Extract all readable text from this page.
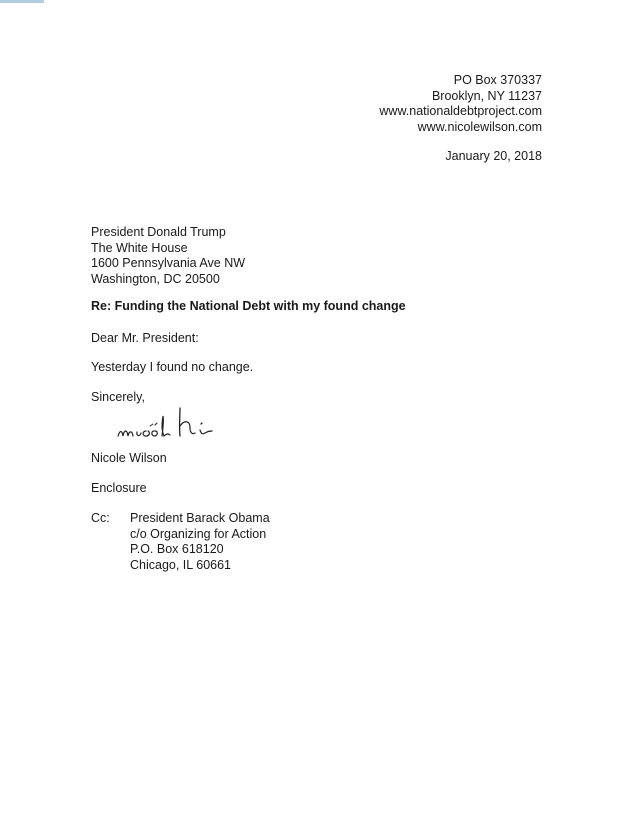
PO Box 370337
Brooklyn, NY 11237
www.nationaldebtproject.com
www.nicolewilson.com
January 20, 2018
President Donald Trump
The White House
1600 Pennsylvania Ave NW
Washington, DC 20500
Re: Funding the National Debt with my found change
Dear Mr. President:
Yesterday I found no change.
Sincerely,
Nicole Wilson
Enclosure
Cc: President Barack Obama
c/o Organizing for Action
P.O. Box 618120
Chicago, IL 60661
